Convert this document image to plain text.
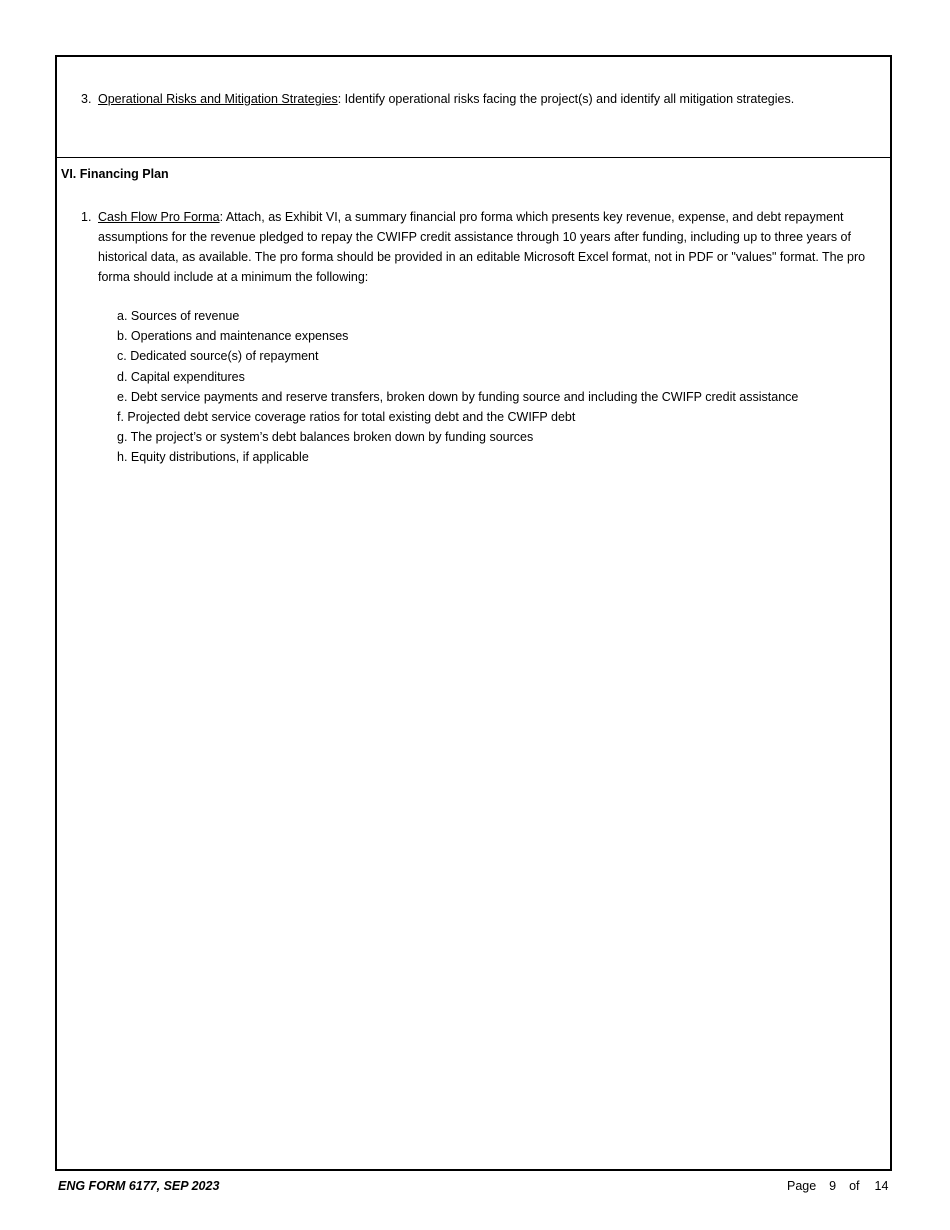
3. Operational Risks and Mitigation Strategies: Identify operational risks facing the project(s) and identify all mitigation strategies.
VI. Financing Plan
1. Cash Flow Pro Forma: Attach, as Exhibit VI, a summary financial pro forma which presents key revenue, expense, and debt repayment assumptions for the revenue pledged to repay the CWIFP credit assistance through 10 years after funding, including up to three years of historical data, as available. The pro forma should be provided in an editable Microsoft Excel format, not in PDF or "values" format. The pro forma should include at a minimum the following:
a. Sources of revenue
b. Operations and maintenance expenses
c. Dedicated source(s) of repayment
d. Capital expenditures
e. Debt service payments and reserve transfers, broken down by funding source and including the CWIFP credit assistance
f. Projected debt service coverage ratios for total existing debt and the CWIFP debt
g. The project’s or system’s debt balances broken down by funding sources
h. Equity distributions, if applicable
ENG FORM 6177, SEP 2023	Page 9 of 14
